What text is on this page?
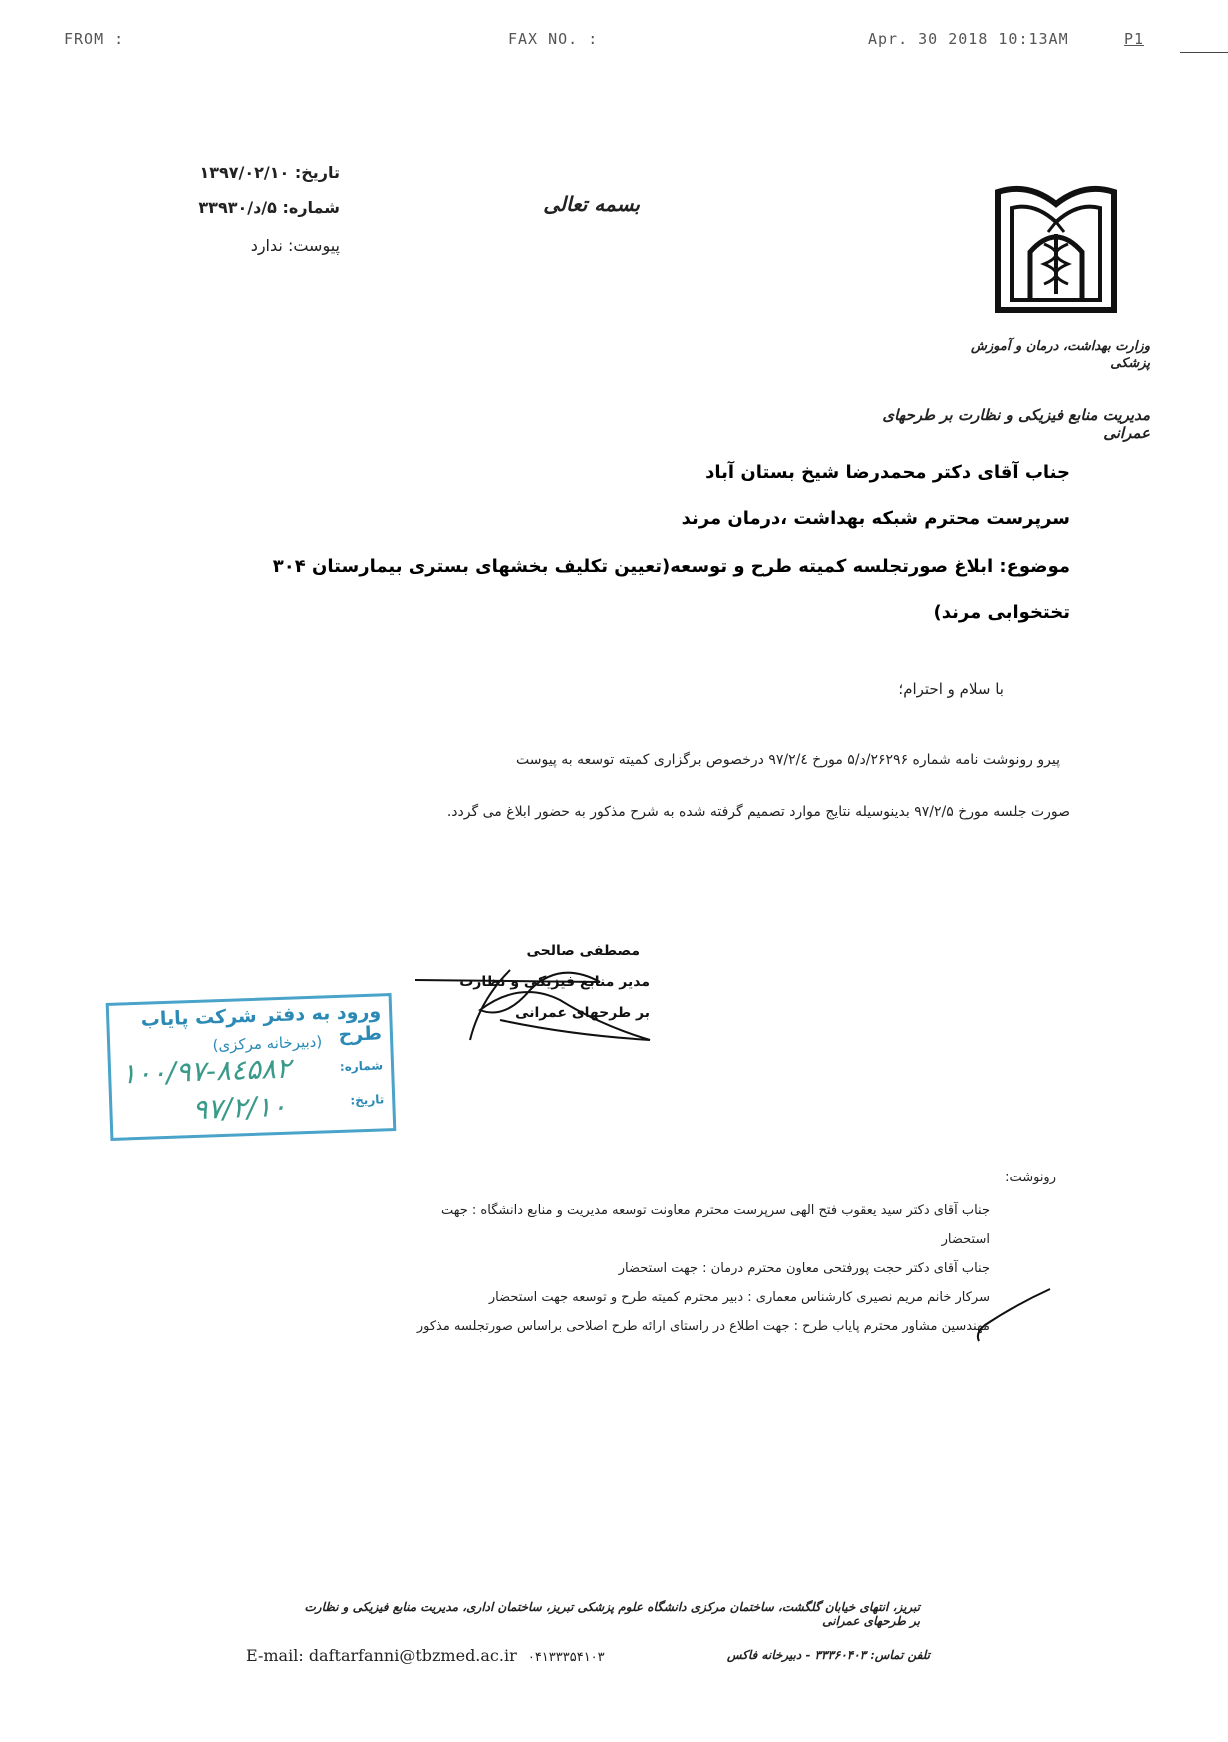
FROM :	FAX NO. :	Apr. 30 2018 10:13AM	P1
تاریخ: ۱۳۹۷/۰۲/۱۰
شماره: ۵/د/۳۳۹۳۰
پیوست: ندارد
بسمه تعالی
وزارت بهداشت، درمان و آموزش پزشکی
مدیریت منابع فیزیکی و نظارت بر طرحهای عمرانی
جناب آقای دکتر محمدرضا شیخ بستان آباد
سرپرست محترم شبکه بهداشت ،درمان مرند
موضوع: ابلاغ صورتجلسه کمیته طرح و توسعه(تعیین تکلیف بخشهای بستری بیمارستان ۳۰۴
تختخوابی مرند)
با سلام و احترام؛
پیرو رونوشت نامه شماره ۲۶۲۹۶/د/۵ مورخ ۹۷/۲/٤ درخصوص برگزاری کمیته توسعه به پیوست
صورت جلسه مورخ ۹۷/۲/۵ بدینوسیله نتایج موارد تصمیم گرفته شده به شرح مذکور به حضور ابلاغ می گردد.
مصطفی صالحی
مدیر منابع فیزیکی و نظارت
بر طرحهای عمرانی
ورود به دفتر شرکت پایاب طرح
(دبیرخانه مرکزی)
شماره:
۱۰۰/۹۷-۸٤۵۸۲
تاریخ:
۹۷/۲/۱۰
رونوشت:
جناب آقای دکتر سید یعقوب فتح الهی سرپرست محترم معاونت توسعه مدیریت و منابع دانشگاه : جهت
استحضار
جناب آقای دکتر حجت پورفتحی معاون محترم درمان : جهت استحضار
سرکار خانم مریم نصیری کارشناس معماری : دبیر محترم کمیته طرح و توسعه جهت استحضار
مهندسین مشاور محترم پایاب طرح : جهت اطلاع در راستای ارائه طرح اصلاحی براساس صورتجلسه مذکور
تبریز، انتهای خیابان گلگشت، ساختمان مرکزی دانشگاه علوم پزشکی تبریز، ساختمان اداری، مدیریت منابع فیزیکی و نظارت بر طرحهای عمرانی
E-mail: daftarfanni@tbzmed.ac.ir ۰۴۱۳۳۳۵۴۱۰۳	تلفن تماس: ۳۳۳۶۰۴۰۳ - دبیرخانه فاکس
